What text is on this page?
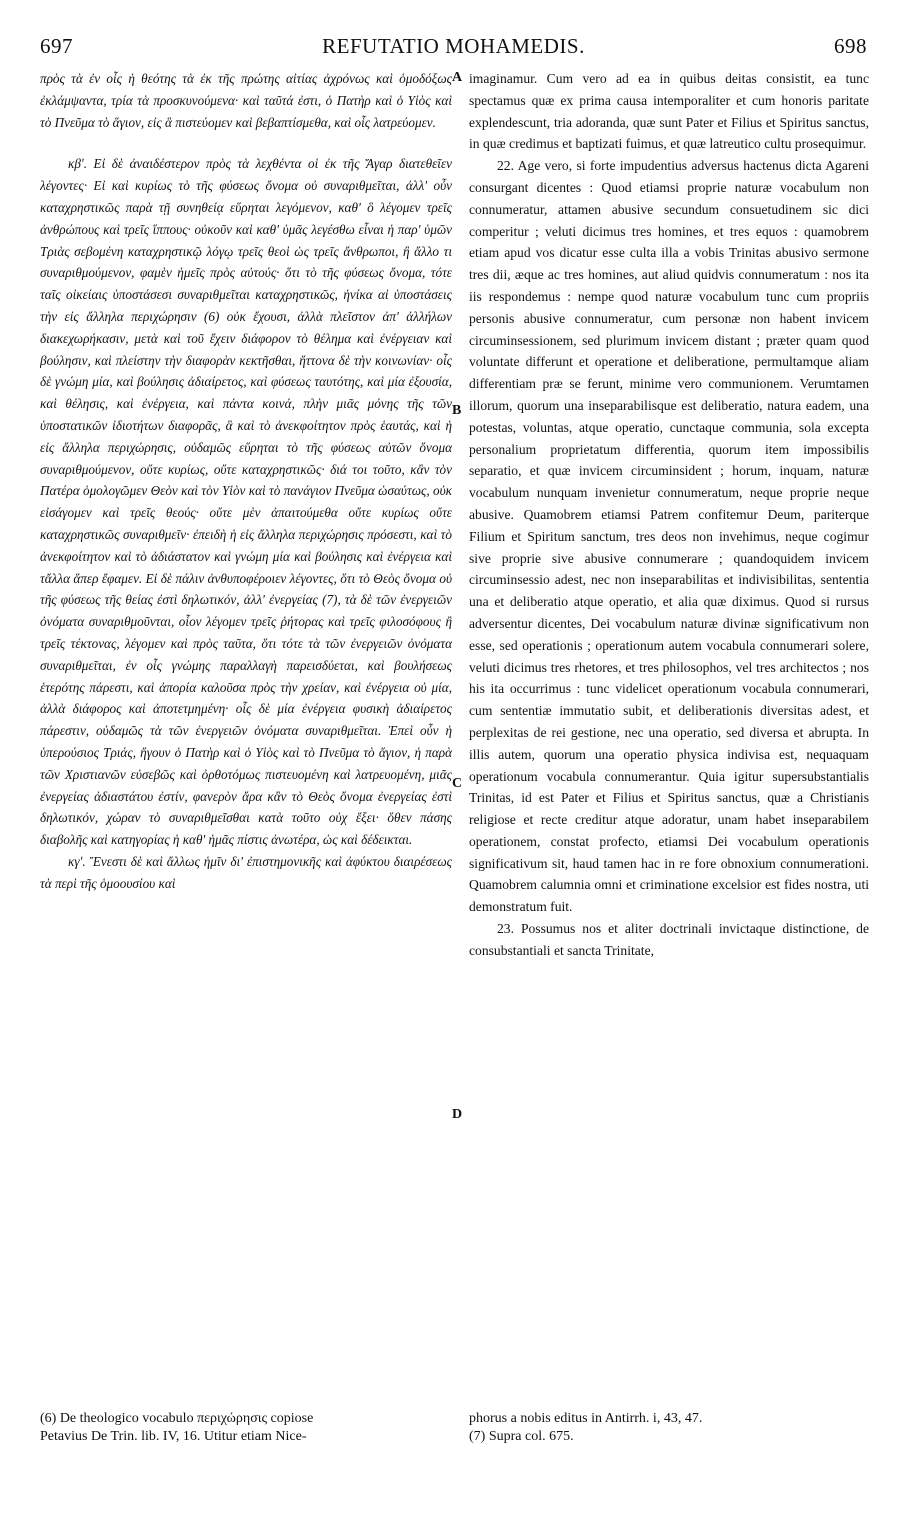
697	REFUTATIO MOHAMEDIS.	698

πρὸς τὰ ἐν οἷς ἡ θεότης τὰ ἐκ τῆς πρώτης αἰτίας ἀχρόνως καὶ ὁμοδόξως ἐκλάμψαντα, τρία τὰ προσκυνούμενα· καὶ ταῦτά ἐστι, ὁ Πατὴρ καὶ ὁ Υἱὸς καὶ τὸ Πνεῦμα τὸ ἅγιον, εἰς ἃ πιστεύομεν καὶ βεβαπτίσμεθα, καὶ οἷς λατρεύομεν.

κβʹ. Εἰ δὲ ἀναιδέστερον πρὸς τὰ λεχθέντα οἱ ἐκ τῆς Ἄγαρ διατεθεῖεν λέγοντες· Εἰ καὶ κυρίως τὸ τῆς φύσεως ὄνομα οὐ συναριθμεῖται, ἀλλ' οὖν καταχρηστικῶς παρὰ τῇ συνηθείᾳ εὕρηται λεγόμενον, καθ' ὃ λέγομεν τρεῖς ἀνθρώπους καὶ τρεῖς ἵππους· οὐκοῦν καὶ καθ' ὑμᾶς λεγέσθω εἶναι ἡ παρ' ὑμῶν Τριὰς σεβομένη καταχρηστικῷ λόγῳ τρεῖς θεοὶ ὡς τρεῖς ἄνθρωποι, ἢ ἄλλο τι συναριθμούμενον, φαμὲν ἡμεῖς πρὸς αὐτούς· ὅτι τὸ τῆς φύσεως ὄνομα, τότε ταῖς οἰκείαις ὑποστάσεσι συναριθμεῖται καταχρηστικῶς, ἡνίκα αἱ ὑποστάσεις τὴν εἰς ἄλληλα περιχώρησιν (6) οὐκ ἔχουσι, ἀλλὰ πλεῖστον ἀπ' ἀλλήλων διακεχωρήκασιν, μετὰ καὶ τοῦ ἔχειν διάφορον τὸ θέλημα καὶ ἐνέργειαν καὶ βούλησιν, καὶ πλείστην τὴν διαφορὰν κεκτῆσθαι, ἥττονα δὲ τὴν κοινωνίαν· οἷς δὲ γνώμη μία, καὶ βούλησις ἀδιαίρετος, καὶ φύσεως ταυτότης, καὶ μία ἐξουσία, καὶ θέλησις, καὶ ἐνέργεια, καὶ πάντα κοινά, πλὴν μιᾶς μόνης τῆς τῶν ὑποστατικῶν ἰδιοτήτων διαφορᾶς, ἃ καὶ τὸ ἀνεκφοίτητον πρὸς ἑαυτάς, καὶ ἡ εἰς ἄλληλα περιχώρησις, οὐδαμῶς εὕρηται τὸ τῆς φύσεως αὐτῶν ὄνομα συναριθμούμενον, οὔτε κυρίως, οὔτε καταχρηστικῶς· διά τοι τοῦτο, κἂν τὸν Πατέρα ὁμολογῶμεν Θεὸν καὶ τὸν Υἱὸν καὶ τὸ πανάγιον Πνεῦμα ὡσαύτως, οὐκ εἰσάγομεν καὶ τρεῖς θεούς· οὔτε μὲν ἀπαιτούμεθα οὔτε κυρίως οὔτε καταχρηστικῶς συναριθμεῖν· ἐπειδὴ ἡ εἰς ἄλληλα περιχώρησις πρόσεστι, καὶ τὸ ἀνεκφοίτητον καὶ τὸ ἀδιάστατον καὶ γνώμη μία καὶ βούλησις καὶ ἐνέργεια καὶ τἄλλα ἅπερ ἔφαμεν. Εἰ δὲ πάλιν ἀνθυποφέροιεν λέγοντες, ὅτι τὸ Θεὸς ὄνομα οὐ τῆς φύσεως τῆς θείας ἐστὶ δηλωτικόν, ἀλλ' ἐνεργείας (7), τὰ δὲ τῶν ἐνεργειῶν ὀνόματα συναριθμοῦνται, οἷον λέγομεν τρεῖς ῥήτορας καὶ τρεῖς φιλοσόφους ἢ τρεῖς τέκτονας, λέγομεν καὶ πρὸς ταῦτα, ὅτι τότε τὰ τῶν ἐνεργειῶν ὀνόματα συναριθμεῖται, ἐν οἷς γνώμης παραλλαγὴ παρεισδύεται, καὶ βουλήσεως ἑτερότης πάρεστι, καὶ ἀπορία καλοῦσα πρὸς τὴν χρείαν, καὶ ἐνέργεια οὐ μία, ἀλλὰ διάφορος καὶ ἀποτετμημένη· οἷς δὲ μία ἐνέργεια φυσικὴ ἀδιαίρετος πάρεστιν, οὐδαμῶς τὰ τῶν ἐνεργειῶν ὀνόματα συναριθμεῖται. Ἐπεὶ οὖν ἡ ὑπερούσιος Τριάς, ἤγουν ὁ Πατὴρ καὶ ὁ Υἱὸς καὶ τὸ Πνεῦμα τὸ ἅγιον, ἡ παρὰ τῶν Χριστιανῶν εὐσεβῶς καὶ ὀρθοτόμως πιστευομένη καὶ λατρευομένη, μιᾶς ἐνεργείας ἀδιαστάτου ἐστίν, φανερὸν ἄρα κἂν τὸ Θεὸς ὄνομα ἐνεργείας ἐστὶ δηλωτικόν, χώραν τὸ συναριθμεῖσθαι κατὰ τοῦτο οὐχ ἕξει· ὅθεν πάσης διαβολῆς καὶ κατηγορίας ἡ καθ' ἡμᾶς πίστις ἀνωτέρα, ὡς καὶ δέδεικται.

κγʹ. Ἔνεστι δὲ καὶ ἄλλως ἡμῖν δι' ἐπιστημονικῆς καὶ ἀφύκτου διαιρέσεως τὰ περὶ τῆς ὁμοουσίου καὶ

A
B
C
D

imaginamur. Cum vero ad ea in quibus deitas consistit, ea tunc spectamus quæ ex prima causa intemporaliter et cum honoris paritate explendescunt, tria adoranda, quæ sunt Pater et Filius et Spiritus sanctus, in quæ credimus et baptizati fuimus, et quæ latreutico cultu prosequimur.

22. Age vero, si forte impudentius adversus hactenus dicta Agareni consurgant dicentes : Quod etiamsi proprie naturæ vocabulum non connumeratur, attamen abusive secundum consuetudinem sic dici comperitur ; veluti dicimus tres homines, et tres equos : quamobrem etiam apud vos dicatur esse culta illa a vobis Trinitas abusivo sermone tres dii, æque ac tres homines, aut aliud quidvis connumeratum : nos ita iis respondemus : nempe quod naturæ vocabulum tunc cum propriis personis abusive connumeratur, cum personæ non habent invicem circuminsessionem, sed plurimum invicem distant ; præter quam quod voluntate differunt et operatione et deliberatione, permultamque aliam differentiam præ se ferunt, minime vero communionem. Verumtamen illorum, quorum una inseparabilisque est deliberatio, natura eadem, una potestas, voluntas, atque operatio, cunctaque communia, sola excepta personalium proprietatum differentia, quorum item impossibilis separatio, et quæ invicem circuminsident ; horum, inquam, naturæ vocabulum nunquam invenietur connumeratum, neque proprie neque abusive. Quamobrem etiamsi Patrem confitemur Deum, pariterque Filium et Spiritum sanctum, tres deos non invehimus, neque cogimur sive proprie sive abusive connumerare ; quandoquidem invicem circuminsessio adest, nec non inseparabilitas et indivisibilitas, sententia una et deliberatio atque operatio, et alia quæ diximus. Quod si rursus adversentur dicentes, Dei vocabulum naturæ divinæ significativum non esse, sed operationis ; operationum autem vocabula connumerari solere, veluti dicimus tres rhetores, et tres philosophos, vel tres architectos ; nos his ita occurrimus : tunc videlicet operationum vocabula connumerari, cum sententiæ immutatio subit, et deliberationis diversitas adest, et perplexitas de rei gestione, nec una operatio, sed diversa et abrupta. In illis autem, quorum una operatio physica indivisa est, nequaquam operationum vocabula connumerantur. Quia igitur supersubstantialis Trinitas, id est Pater et Filius et Spiritus sanctus, quæ a Christianis religiose et recte creditur atque adoratur, unam habet inseparabilem operationem, constat profecto, etiamsi Dei vocabulum operationis significativum sit, haud tamen hac in re fore obnoxium connumerationi. Quamobrem calumnia omni et criminatione excelsior est fides nostra, uti demonstratum fuit.

23. Possumus nos et aliter doctrinali invictaque distinctione, de consubstantiali et sancta Trinitate,

(6) De theologico vocabulo περιχώρησις copiose
Petavius De Trin. lib. IV, 16. Utitur etiam Nice-
phorus a nobis editus in Antirrh. i, 43, 47.
(7) Supra col. 675.
